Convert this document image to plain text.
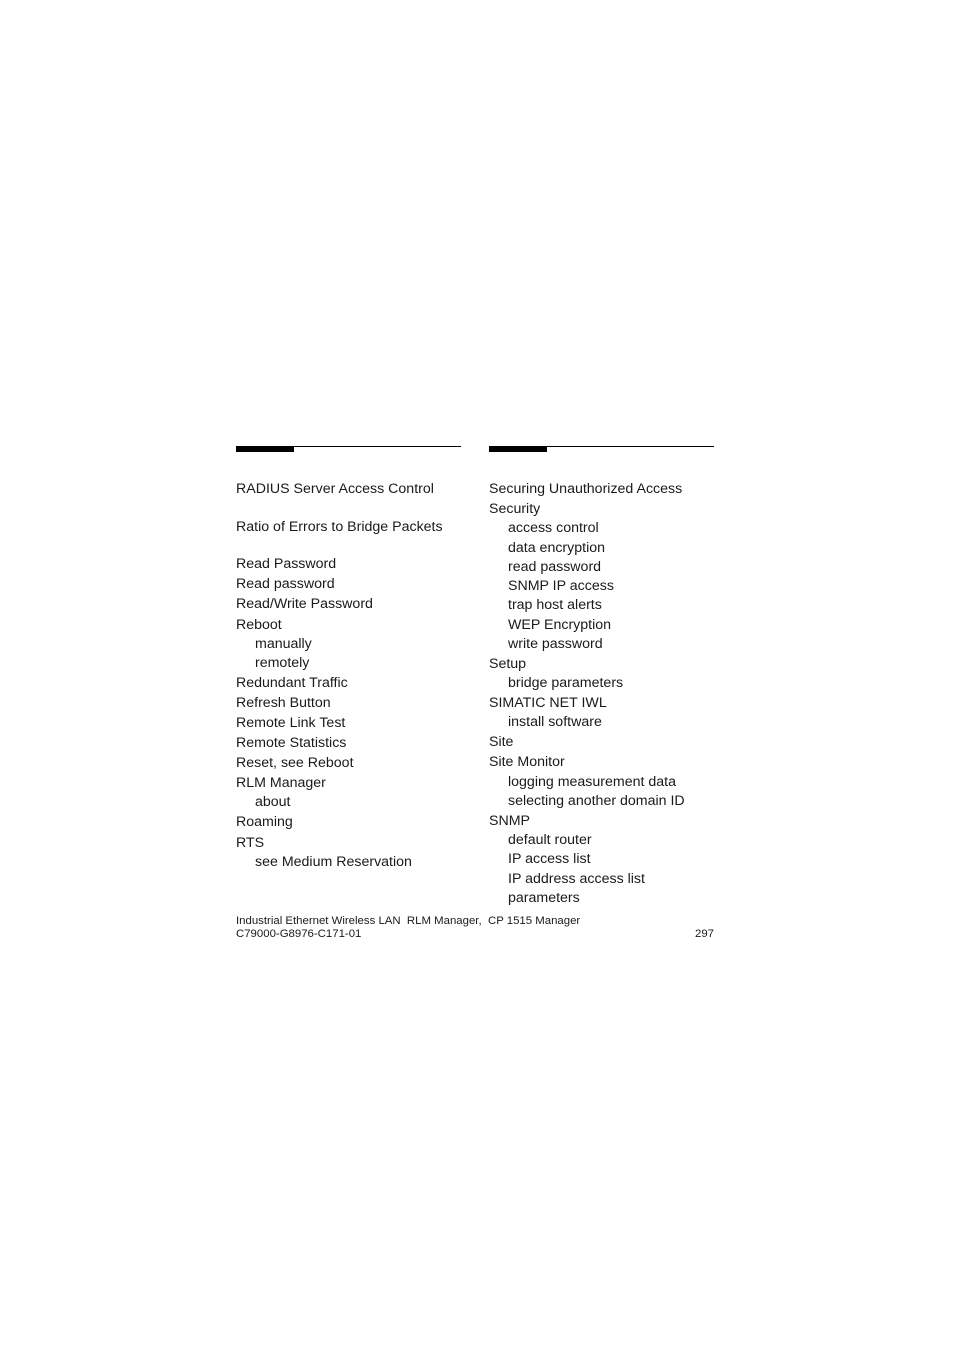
RADIUS Server Access Control
Ratio of Errors to Bridge Packets
Read Password
Read password
Read/Write Password
Reboot
manually
remotely
Redundant Traffic
Refresh Button
Remote Link Test
Remote Statistics
Reset, see Reboot
RLM Manager
about
Roaming
RTS
see Medium Reservation
Securing Unauthorized Access
Security
access control
data encryption
read password
SNMP IP access
trap host alerts
WEP Encryption
write password
Setup
bridge parameters
SIMATIC NET IWL
install software
Site
Site Monitor
logging measurement data
selecting another domain ID
SNMP
default router
IP access list
IP address access list
parameters
Industrial Ethernet Wireless LAN  RLM Manager,  CP 1515 Manager
C79000-G8976-C171-01	297
